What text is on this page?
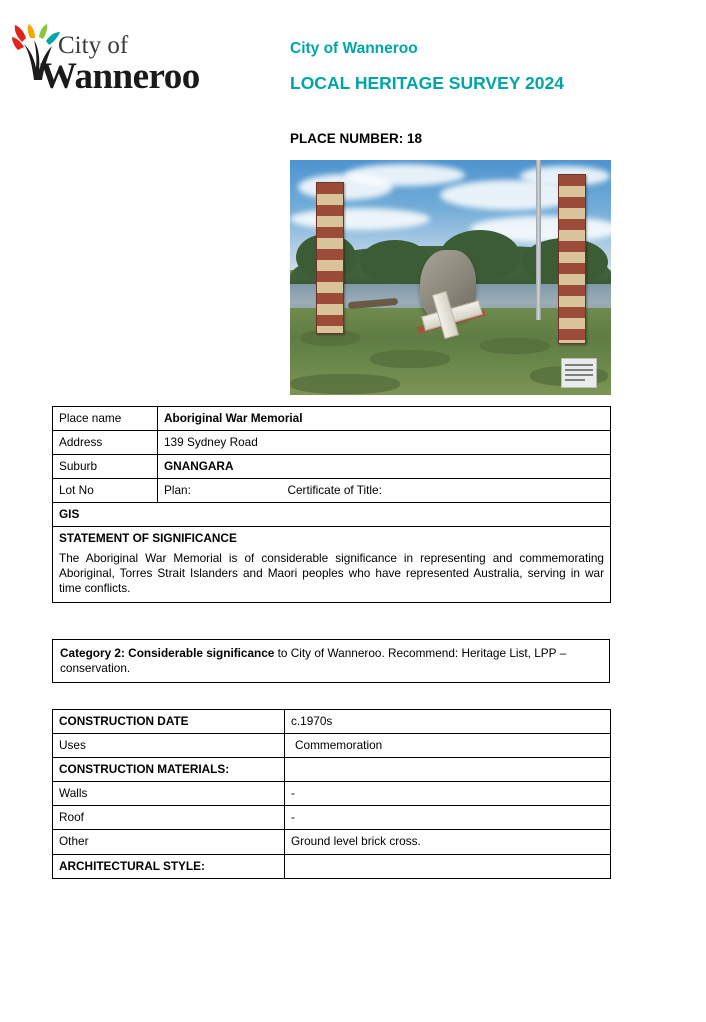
City of
Wanneroo
City of Wanneroo
LOCAL HERITAGE SURVEY 2024
PLACE NUMBER: 18
Place name	Aboriginal War Memorial
Address	139 Sydney Road
Suburb	GNANGARA
Lot No	Plan: Certificate of Title:
GIS	

STATEMENT OF SIGNIFICANCE
The Aboriginal War Memorial is of considerable significance in representing and commemorating Aboriginal, Torres Strait Islanders and Maori peoples who have represented Australia, serving in war time conflicts.	
Category 2: Considerable significance to City of Wanneroo. Recommend: Heritage List, LPP – conservation.
CONSTRUCTION DATE	c.1970s
Uses	Commemoration
CONSTRUCTION MATERIALS:	
Walls	-
Roof	-
Other	Ground level brick cross.
ARCHITECTURAL STYLE:	
